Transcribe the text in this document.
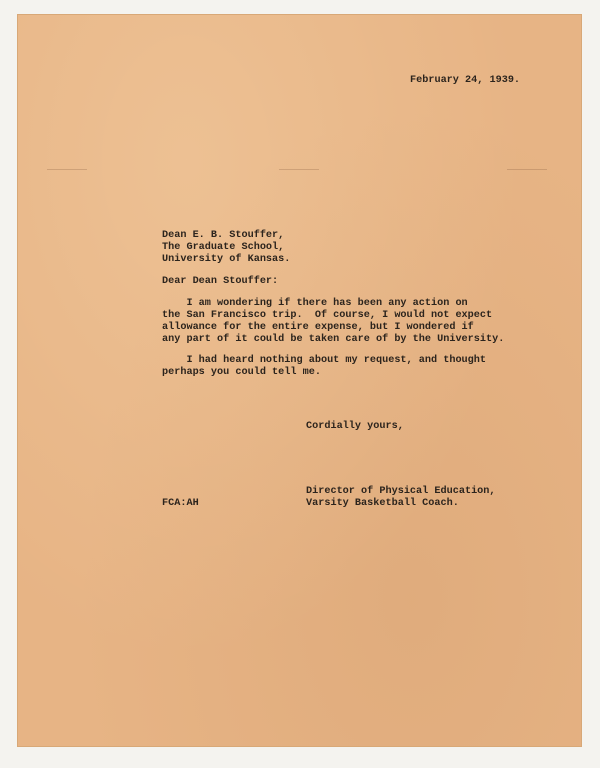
February 24, 1939.
Dean E. B. Stouffer,
The Graduate School,
University of Kansas.
Dear Dean Stouffer:
I am wondering if there has been any action on
the San Francisco trip.  Of course, I would not expect
allowance for the entire expense, but I wondered if
any part of it could be taken care of by the University.
I had heard nothing about my request, and thought
perhaps you could tell me.
Cordially yours,
FCA:AH
Director of Physical Education,
Varsity Basketball Coach.
